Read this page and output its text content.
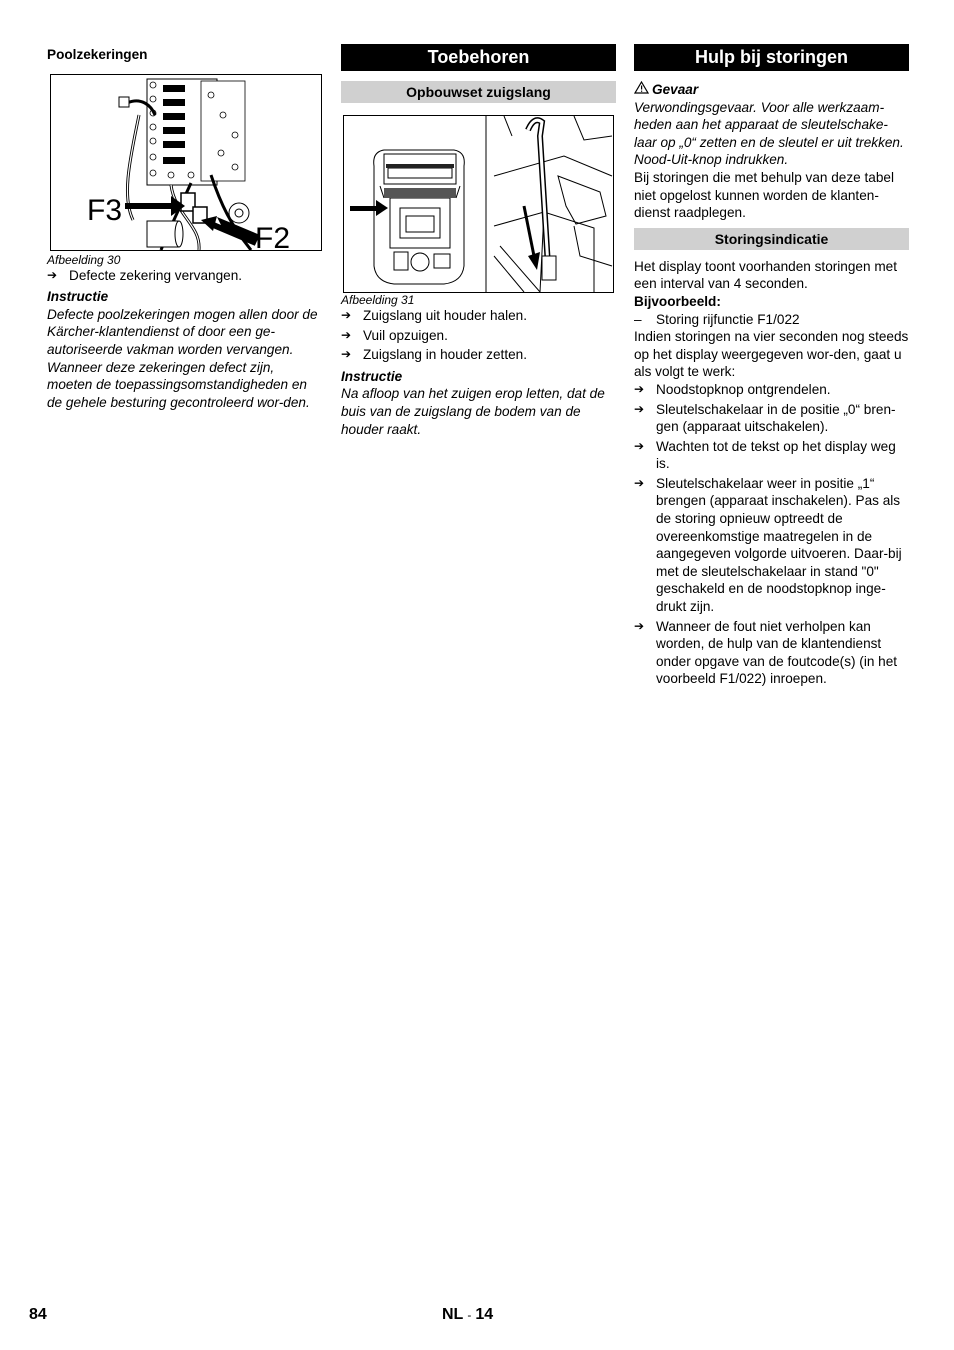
Poolzekeringen

F3
F2

Afbeelding 30

➔ Defecte zekering vervangen.

Instructie

Defecte poolzekeringen mogen allen door de Kärcher-klantendienst of door een ge-autoriseerde vakman worden vervangen. Wanneer deze zekeringen defect zijn, moeten de toepassingsomstandigheden en de gehele besturing gecontroleerd wor-den.

Toebehoren
Opbouwset zuigslang

Afbeelding 31

➔ Zuigslang uit houder halen.
➔ Vuil opzuigen.
➔ Zuigslang in houder zetten.

Instructie

Na afloop van het zuigen erop letten, dat de buis van de zuigslang de bodem van de houder raakt.

Hulp bij storingen

Gevaar

Verwondingsgevaar. Voor alle werkzaam-heden aan het apparaat de sleutelschake-laar op „0“ zetten en de sleutel er uit trekken. Nood-Uit-knop indrukken.

Bij storingen die met behulp van deze tabel niet opgelost kunnen worden de klanten-dienst raadplegen.

Storingsindicatie

Het display toont voorhanden storingen met een interval van 4 seconden.

Bijvoorbeeld:

– Storing rijfunctie F1/022

Indien storingen na vier seconden nog steeds op het display weergegeven wor-den, gaat u als volgt te werk:

➔ Noodstopknop ontgrendelen.
➔ Sleutelschakelaar in de positie „0“ bren-gen (apparaat uitschakelen).
➔ Wachten tot de tekst op het display weg is.
➔ Sleutelschakelaar weer in positie „1“ brengen (apparaat inschakelen). Pas als de storing opnieuw optreedt de overeenkomstige maatregelen in de aangegeven volgorde uitvoeren. Daar-bij met de sleutelschakelaar in stand "0" geschakeld en de noodstopknop inge-drukt zijn.
➔ Wanneer de fout niet verholpen kan worden, de hulp van de klantendienst onder opgave van de foutcode(s) (in het voorbeeld F1/022) inroepen.
84	NL - 14
